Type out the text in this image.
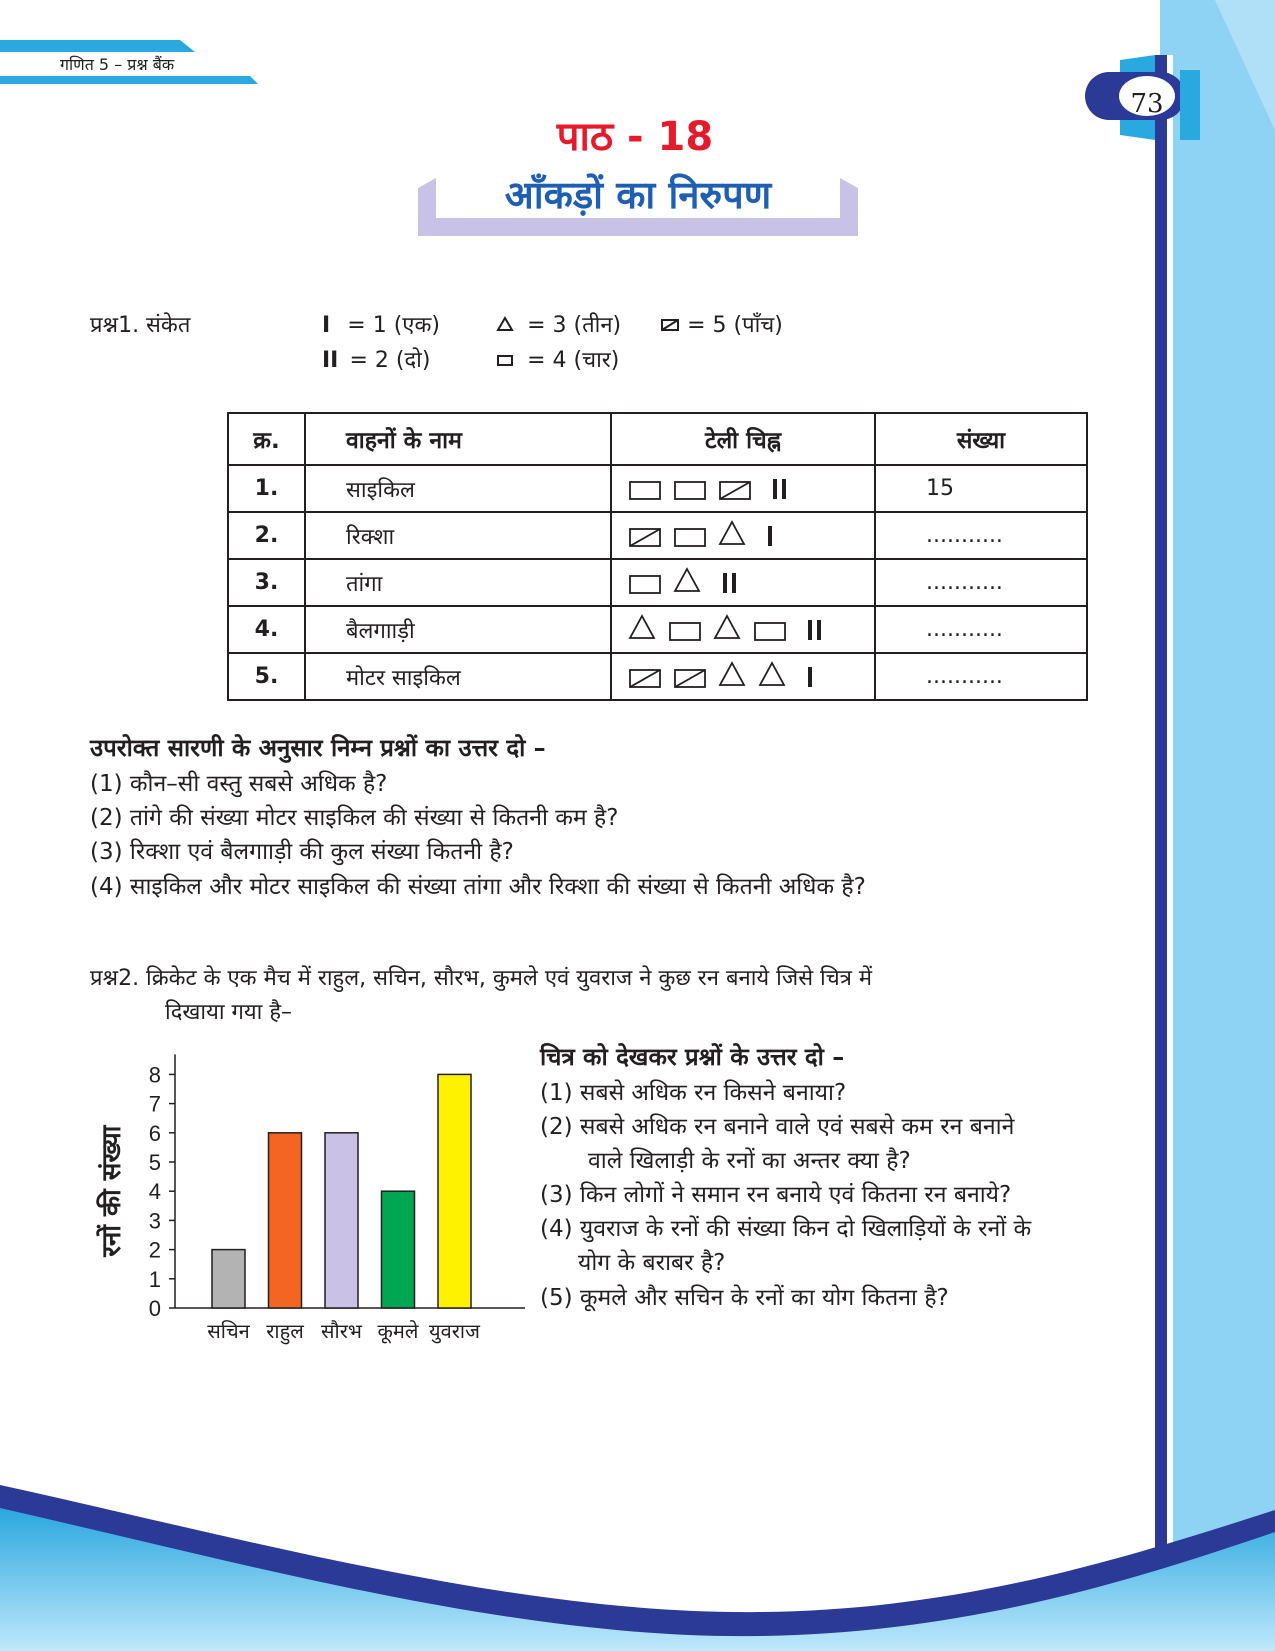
गणित 5 – प्रश्न बैंक
73
पाठ - 18
आँकड़ों का निरुपण
प्रश्न1. संकेत	I = 1 (एक)
II = 2 (दो)
= 3 (तीन)
= 4 (चार)
= 5 (पाँच)
क्र.	वाहनों के नाम	टेली चिह्न	संख्या
1.	साइकिल		15
2.	रिक्शा		...........
3.	तांगा		...........
4.	बैलगााड़ी		...........
5.	मोटर साइकिल		...........
उपरोक्त सारणी के अनुसार निम्न प्रश्नों का उत्तर दो –
(1) कौन–सी वस्तु सबसे अधिक है?
(2) तांगे की संख्या मोटर साइकिल की संख्या से कितनी कम है?
(3) रिक्शा एवं बैलगााड़ी की कुल संख्या कितनी है?
(4) साइकिल और मोटर साइकिल की संख्या तांगा और रिक्शा की संख्या से कितनी अधिक है?
प्रश्न2. क्रिकेट के एक मैच में राहुल, सचिन, सौरभ, कुमले एवं युवराज ने कुछ रन बनाये जिसे चित्र में
दिखाया गया है–
0
1
2
3
4
5
6
7
8
सचिन राहुल सौरभ कूमले युवराज
रनों की संख्या
चित्र को देखकर प्रश्नों के उत्तर दो –
(1) सबसे अधिक रन किसने बनाया?
(2) सबसे अधिक रन बनाने वाले एवं सबसे कम रन बनाने
वाले खिलाड़ी के रनों का अन्तर क्या है?
(3) किन लोगों ने समान रन बनाये एवं कितना रन बनाये?
(4) युवराज के रनों की संख्या किन दो खिलाड़ियों के रनों के
योग के बराबर है?
(5) कूमले और सचिन के रनों का योग कितना है?
